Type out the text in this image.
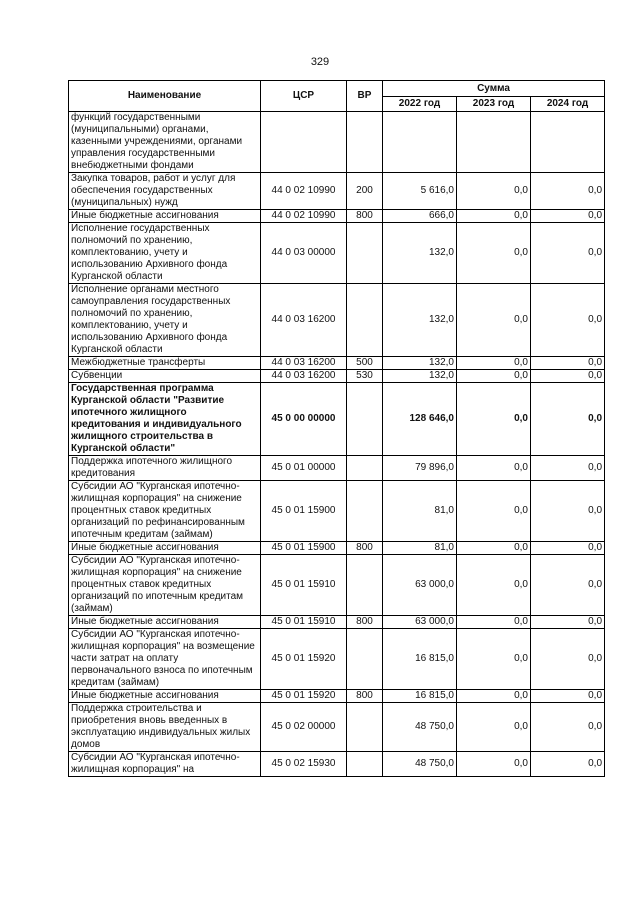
329
Наименование	ЦСР	ВР	Сумма		
			2022 год	2023 год	2024 год
функций государственными (муниципальными) органами, казенными учреждениями, органами управления государственными внебюджетными фондами					
Закупка товаров, работ и услуг для обеспечения государственных (муниципальных) нужд	44 0 02 10990	200	5 616,0	0,0	0,0
Иные бюджетные ассигнования	44 0 02 10990	800	666,0	0,0	0,0
Исполнение государственных полномочий по хранению, комплектованию, учету и использованию Архивного фонда Курганской области	44 0 03 00000		132,0	0,0	0,0
Исполнение органами местного самоуправления государственных полномочий по хранению, комплектованию, учету и использованию Архивного фонда Курганской области	44 0 03 16200		132,0	0,0	0,0
Межбюджетные трансферты	44 0 03 16200	500	132,0	0,0	0,0
Субвенции	44 0 03 16200	530	132,0	0,0	0,0
Государственная программа Курганской области "Развитие ипотечного жилищного кредитования и индивидуального жилищного строительства в Курганской области"	45 0 00 00000		128 646,0	0,0	0,0
Поддержка ипотечного жилищного кредитования	45 0 01 00000		79 896,0	0,0	0,0
Субсидии АО "Курганская ипотечно-жилищная корпорация" на снижение процентных ставок кредитных организаций по рефинансированным ипотечным кредитам (займам)	45 0 01 15900		81,0	0,0	0,0
Иные бюджетные ассигнования	45 0 01 15900	800	81,0	0,0	0,0
Субсидии АО "Курганская ипотечно-жилищная корпорация" на снижение процентных ставок кредитных организаций по ипотечным кредитам (займам)	45 0 01 15910		63 000,0	0,0	0,0
Иные бюджетные ассигнования	45 0 01 15910	800	63 000,0	0,0	0,0
Субсидии АО "Курганская ипотечно-жилищная корпорация" на возмещение части затрат на оплату первоначального взноса по ипотечным кредитам (займам)	45 0 01 15920		16 815,0	0,0	0,0
Иные бюджетные ассигнования	45 0 01 15920	800	16 815,0	0,0	0,0
Поддержка строительства и приобретения вновь введенных в эксплуатацию индивидуальных жилых домов	45 0 02 00000		48 750,0	0,0	0,0
Субсидии АО "Курганская ипотечно-жилищная корпорация" на	45 0 02 15930		48 750,0	0,0	0,0
